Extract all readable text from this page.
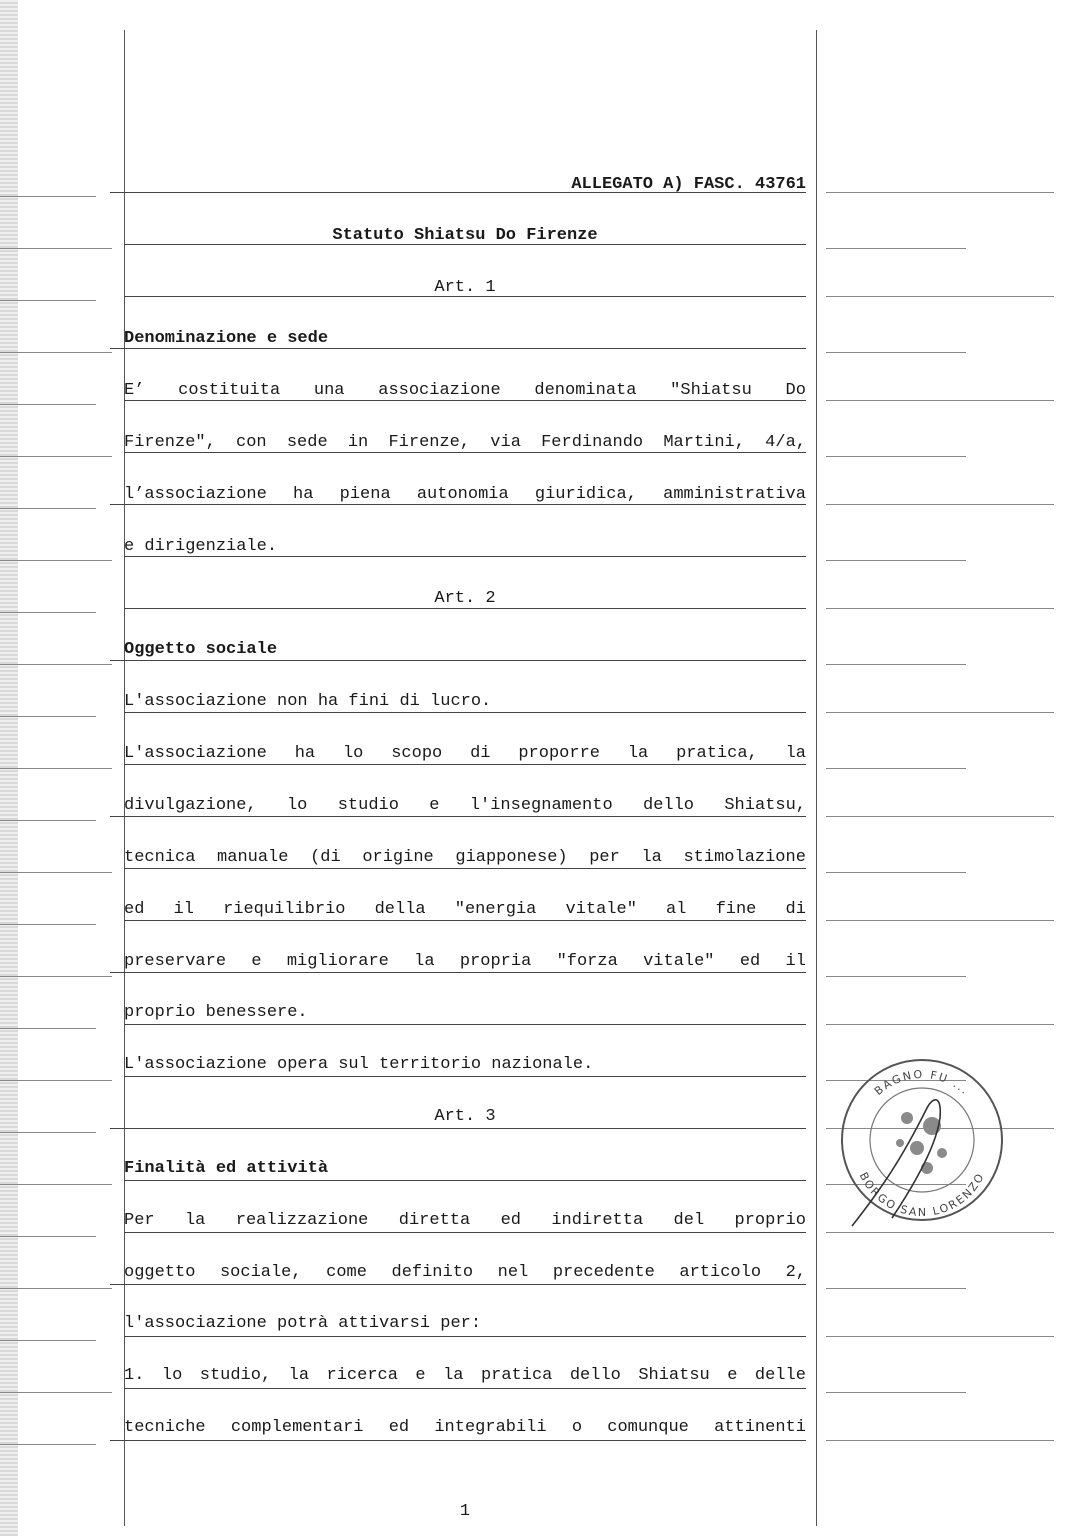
ALLEGATO A) FASC. 43761
Statuto Shiatsu Do Firenze
Art. 1
Denominazione e sede
E’ costituita una associazione denominata "Shiatsu Do
Firenze", con sede in Firenze, via Ferdinando Martini, 4/a,
l’associazione ha piena autonomia giuridica, amministrativa
e dirigenziale.
Art. 2
Oggetto sociale
L'associazione non ha fini di lucro.
L'associazione ha lo scopo di proporre la pratica, la
divulgazione, lo studio e l'insegnamento dello Shiatsu,
tecnica manuale (di origine giapponese) per la stimolazione
ed il riequilibrio della "energia vitale" al fine di
preservare e migliorare la propria "forza vitale" ed il
proprio benessere.
L'associazione opera sul territorio nazionale.
Art. 3
Finalità ed attività
Per la realizzazione diretta ed indiretta del proprio
oggetto sociale, come definito nel precedente articolo 2,
l'associazione potrà attivarsi per:
1. lo studio, la ricerca e la pratica dello Shiatsu e delle
tecniche complementari ed integrabili o comunque attinenti
1
BAGNO FU ...
BORGO SAN LORENZO
